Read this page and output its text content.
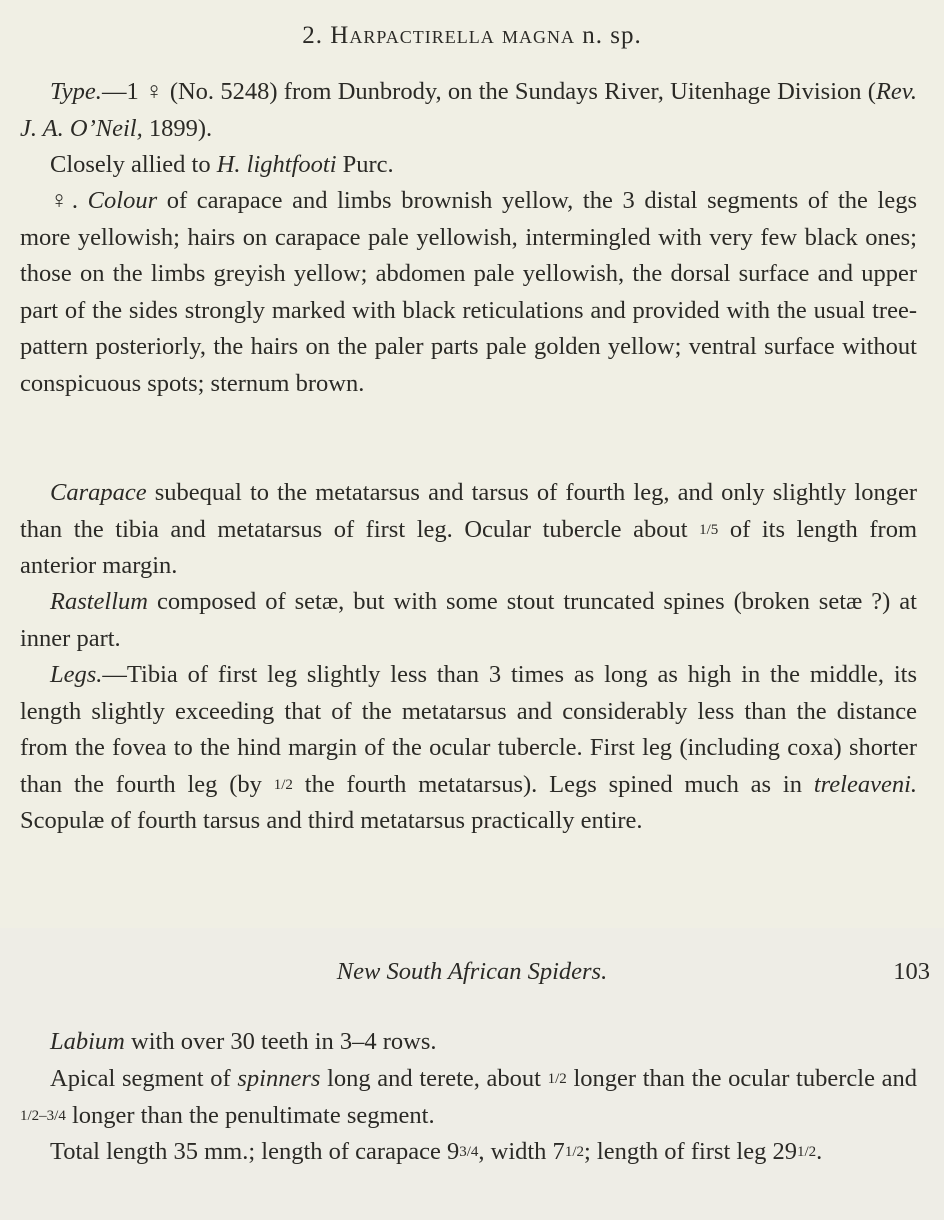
2. Harpactirella magna n. sp.
Type.—1 ♀ (No. 5248) from Dunbrody, on the Sundays River, Uitenhage Division (Rev. J. A. O’Neil, 1899).
Closely allied to H. lightfooti Purc.
♀. Colour of carapace and limbs brownish yellow, the 3 distal segments of the legs more yellowish; hairs on carapace pale yellowish, intermingled with very few black ones; those on the limbs greyish yellow; abdomen pale yellowish, the dorsal surface and upper part of the sides strongly marked with black reticulations and provided with the usual tree-pattern posteriorly, the hairs on the paler parts pale golden yellow; ventral surface without conspicuous spots; sternum brown.
Carapace subequal to the metatarsus and tarsus of fourth leg, and only slightly longer than the tibia and metatarsus of first leg. Ocular tubercle about 1/5 of its length from anterior margin.
Rastellum composed of setæ, but with some stout truncated spines (broken setæ ?) at inner part.
Legs.—Tibia of first leg slightly less than 3 times as long as high in the middle, its length slightly exceeding that of the metatarsus and considerably less than the distance from the fovea to the hind margin of the ocular tubercle. First leg (including coxa) shorter than the fourth leg (by 1/2 the fourth metatarsus). Legs spined much as in treleaveni. Scopulæ of fourth tarsus and third metatarsus practically entire.
New South African Spiders.	103
Labium with over 30 teeth in 3–4 rows.
Apical segment of spinners long and terete, about 1/2 longer than the ocular tubercle and 1/2–3/4 longer than the penultimate segment.
Total length 35 mm.; length of carapace 93/4, width 71/2; length of first leg 291/2.
